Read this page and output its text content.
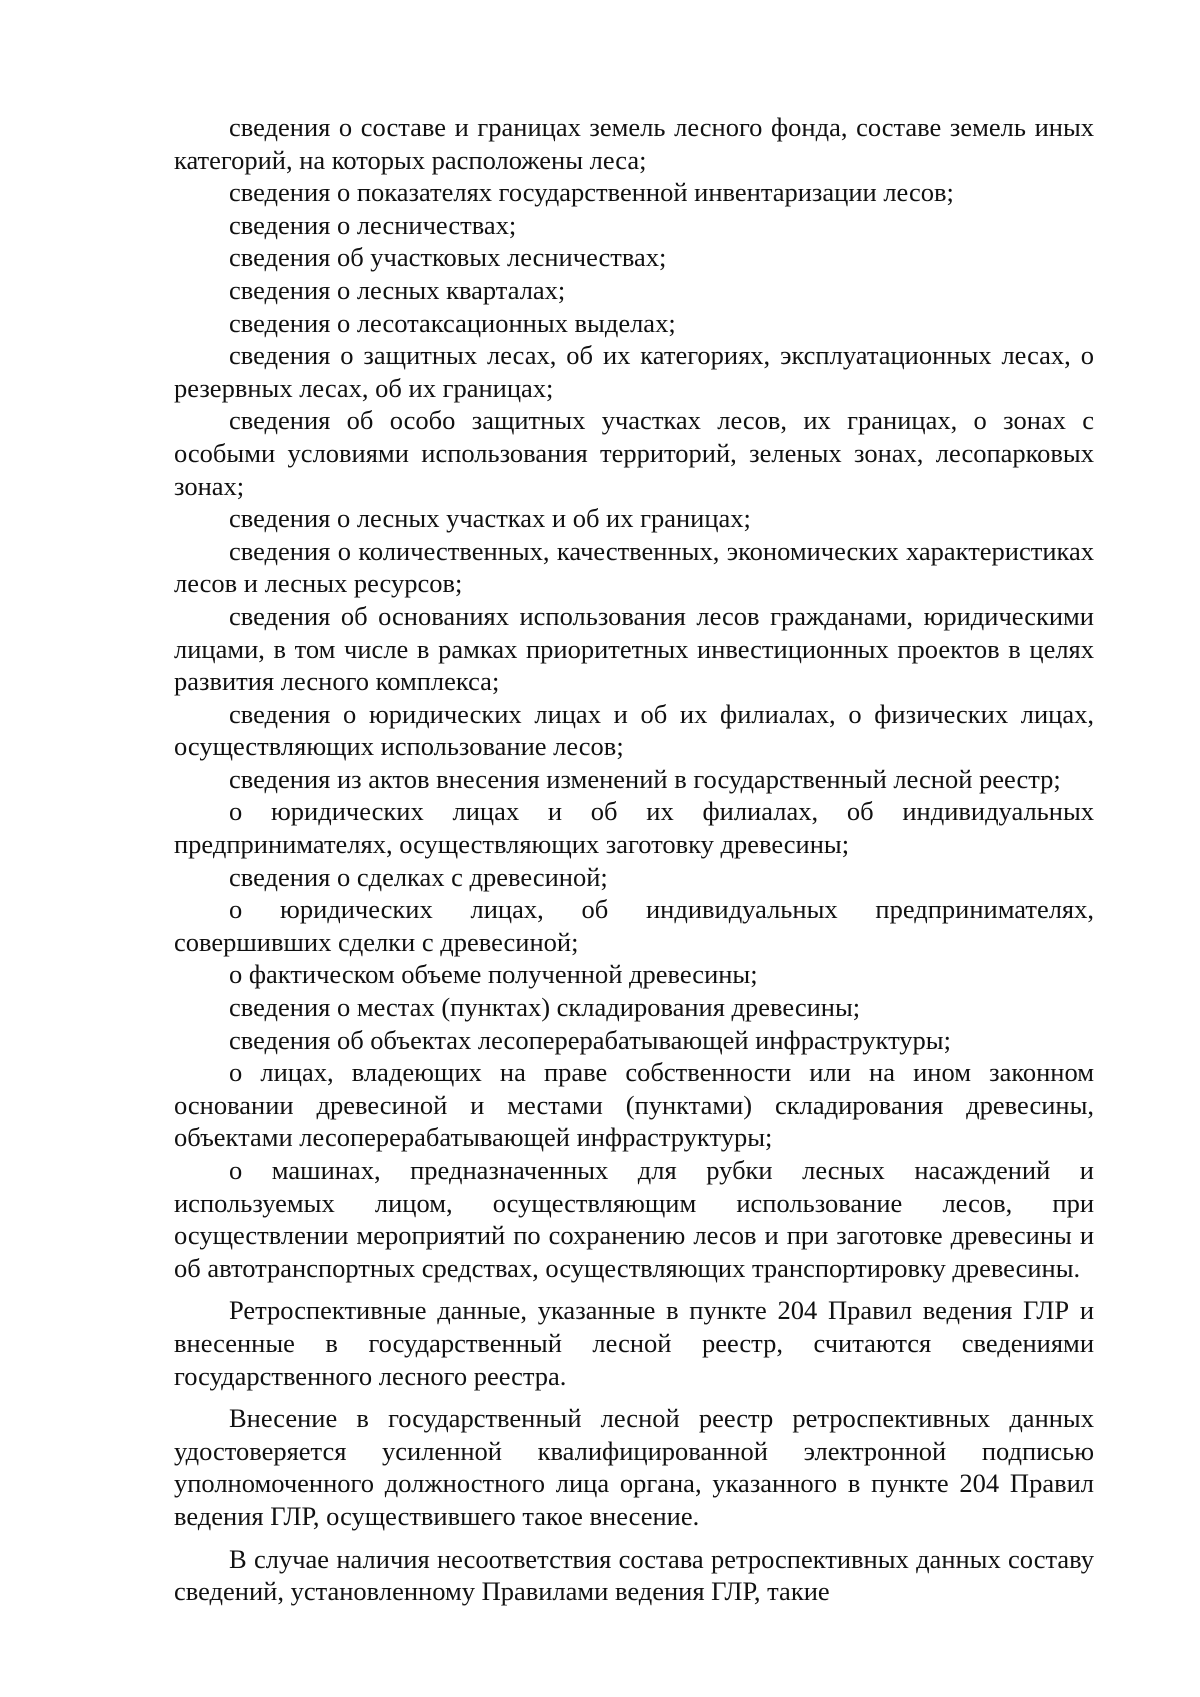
сведения о составе и границах земель лесного фонда, составе земель иных категорий, на которых расположены леса;

сведения о показателях государственной инвентаризации лесов;

сведения о лесничествах;

сведения об участковых лесничествах;

сведения о лесных кварталах;

сведения о лесотаксационных выделах;

сведения о защитных лесах, об их категориях, эксплуатационных лесах, о резервных лесах, об их границах;

сведения об особо защитных участках лесов, их границах, о зонах с особыми условиями использования территорий, зеленых зонах, лесопарковых зонах;

сведения о лесных участках и об их границах;

сведения о количественных, качественных, экономических характеристиках лесов и лесных ресурсов;

сведения об основаниях использования лесов гражданами, юридическими лицами, в том числе в рамках приоритетных инвестиционных проектов в целях развития лесного комплекса;

сведения о юридических лицах и об их филиалах, о физических лицах, осуществляющих использование лесов;

сведения из актов внесения изменений в государственный лесной реестр;

о юридических лицах и об их филиалах, об индивидуальных предпринимателях, осуществляющих заготовку древесины;

сведения о сделках с древесиной;

о юридических лицах, об индивидуальных предпринимателях, совершивших сделки с древесиной;

о фактическом объеме полученной древесины;

сведения о местах (пунктах) складирования древесины;

сведения об объектах лесоперерабатывающей инфраструктуры;

о лицах, владеющих на праве собственности или на ином законном основании древесиной и местами (пунктами) складирования древесины, объектами лесоперерабатывающей инфраструктуры;

о машинах, предназначенных для рубки лесных насаждений и используемых лицом, осуществляющим использование лесов, при осуществлении мероприятий по сохранению лесов и при заготовке древесины и об автотранспортных средствах, осуществляющих транспортировку древесины.

Ретроспективные данные, указанные в пункте 204 Правил ведения ГЛР и внесенные в государственный лесной реестр, считаются сведениями государственного лесного реестра.

Внесение в государственный лесной реестр ретроспективных данных удостоверяется усиленной квалифицированной электронной подписью уполномоченного должностного лица органа, указанного в пункте 204 Правил ведения ГЛР, осуществившего такое внесение.

В случае наличия несоответствия состава ретроспективных данных составу сведений, установленному Правилами ведения ГЛР, такие
